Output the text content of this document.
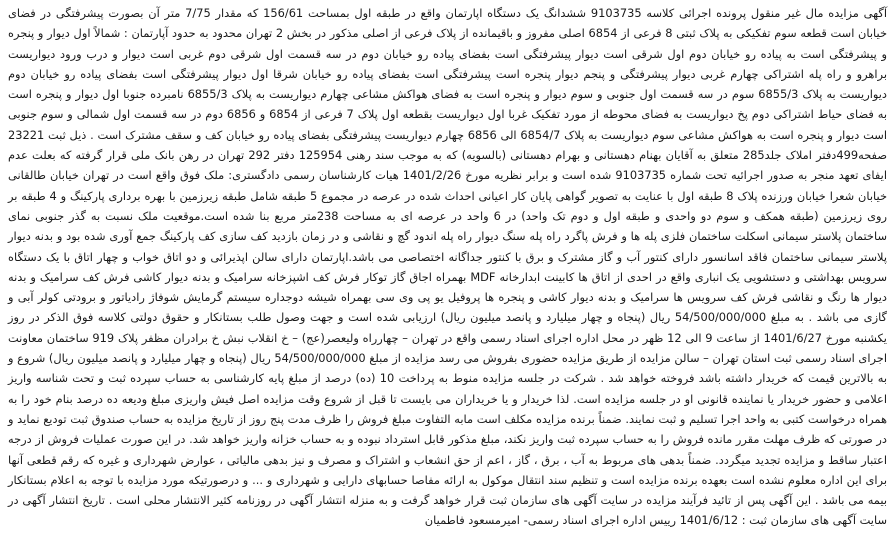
آگهی مزایده مال غیر منقول پرونده اجرائی کلاسه 9103735 ششدانگ یک دستگاه اپارتمان واقع در طبقه اول بمساحت 156/61 که مقدار 7/75 متر آن بصورت پیشرفتگی در فضای خیابان است قطعه سوم تفکیکی به پلاک ثبتی 8 فرعی از 6854 اصلی مفروز و باقیمانده از پلاک فرعی از اصلی مذکور در بخش 2 تهران محدود به حدود آپارتمان : شمالاً اول دیوار و پنجره و پیشرفتگی است به پیاده رو خیابان دوم اول شرقی است دیوار پیشرفتگی است بفضای پیاده رو خیابان دوم در سه قسمت اول شرقی دوم غربی است دیوار و درب ورود دیواریست براهرو و راه پله اشتراکی چهارم غربی دیوار پیشرفتگی و پنجم دیوار پنجره است پیشرفتگی است بفضای پیاده رو خیابان شرقا اول دیوار پیشرفتگی است بفضای پیاده رو خیابان دوم دیواریست به پلاک 6855/3 سوم در سه قسمت اول جنوبی و سوم دیوار و پنجره است به فضای هواکش مشاعی چهارم دیواریست به پلاک 6855/3 نامبرده جنوبا اول دیوار و پنجره است به فضای حیاط اشتراکی دوم پخ دیواریست به فضای محوطه از مورد تفکیک غربا اول دیواریست بقطعه اول پلاک 7 فرعی از 6854 و 6856 دوم در سه قسمت اول شمالی و سوم جنوبی است دیوار و پنجره است به هواکش مشاعی سوم دیواریست به پلاک 6854/7 الی 6856 چهارم دیواریست پیشرفتگی بفضای پیاده رو خیابان کف و سقف مشترک است . ذیل ثبت 23221 صفحه499دفتر املاک جلد285 متعلق به آقایان بهنام دهستانی و بهرام دهستانی (بالسویه) که به موجب سند رهنی 125954 دفتر 292 تهران در رهن بانک ملی قرار گرفته که بعلت عدم ایفای تعهد منجر به صدور اجرائیه تحت شماره 9103735 شده است و برابر نظریه مورخ 1401/2/26 هیات کارشناسان رسمی دادگستری: ملک فوق واقع است در تهران خیابان طالقانی خیابان شعرا خیابان ورزنده پلاک 8 طبقه اول با عنایت به تصویر گواهی پایان کار اعیانی احداث شده در عرصه در مجموع 5 طبقه شامل طبقه زیرزمین با بهره برداری پارکینگ و 4 طبقه بر روی زیرزمین (طبقه همکف و سوم دو واحدی و طبقه اول و دوم تک واحد) در 6 واحد در عرصه ای به مساحت 238متر مربع بنا شده است.موقعیت ملک نسبت به گذر جنوبی نمای ساختمان پلاستر سیمانی اسکلت ساختمان فلزی پله ها و فرش پاگرد راه پله سنگ دیوار راه پله اندود گچ و نقاشی و در زمان بازدید کف سازی کف پارکینگ جمع آوری شده بود و بدنه دیوار پلاستر سیمانی ساختمان فاقد اسانسور دارای کنتور آب و گاز مشترک و برق با کنتور جداگانه اختصاصی می باشد.اپارتمان دارای سالن اپذیرائی و دو اتاق خواب و چهار اتاق با یک دستگاه سرویس بهداشتی و دستشویی یک انباری واقع در احدی از اتاق ها کابینت ابدارخانه MDF بهمراه اجاق گاز توکار فرش کف اشپزخانه سرامیک و بدنه دیوار کاشی فرش کف سرامیک و بدنه دیوار ها رنگ و نقاشی فرش کف سرویس ها سرامیک و بدنه دیوار کاشی و پنجره ها پروفیل یو پی وی سی بهمراه شیشه دوجداره سیستم گرمایش شوفاژ رادیاتور و برودتی کولر آبی و گازی می باشد . به مبلغ 54/500/000/000 ریال (پنجاه و چهار میلیارد و پانصد میلیون ریال) ارزیابی شده است و جهت وصول طلب بستانکار و حقوق دولتی کلاسه فوق الذکر در روز یکشنبه مورخ 1401/6/27 از ساعت 9 الی 12 ظهر در محل اداره اجرای اسناد رسمی واقع در تهران – چهارراه ولیعصر(عج) – خ انقلاب نبش خ برادران مظفر پلاک 919 ساختمان معاونت اجرای اسناد رسمی ثبت استان تهران – سالن مزایده از طریق مزایده حضوری بفروش می رسد مزایده از مبلغ 54/500/000/000 ریال (پنجاه و چهار میلیارد و پانصد میلیون ریال) شروع و به بالاترین قیمت که خریدار داشته باشد فروخته خواهد شد . شرکت در جلسه مزایده منوط به پرداخت 10 (ده) درصد از مبلغ پایه کارشناسی به حساب سپرده ثبت و تحت شناسه واریز اعلامی و حضور خریدار یا نماینده قانونی او در جلسه مزایده است. لذا خریدار و یا خریداران می بایست تا قبل از شروع وقت مزایده اصل فیش واریزی مبلغ ودیعه ده درصد بنام خود را به همراه درخواست کتبی به واحد اجرا تسلیم و ثبت نمایند. ضمناً برنده مزایده مکلف است مابه التفاوت مبلغ فروش را ظرف مدت پنج روز از تاریخ مزایده به حساب صندوق ثبت تودیع نماید و در صورتی که ظرف مهلت مقرر مانده فروش را به حساب سپرده ثبت واریز نکند، مبلغ مذکور قابل استرداد نبوده و به حساب خزانه واریز خواهد شد. در این صورت عملیات فروش از درجه اعتبار ساقط و مزایده تجدید میگردد. ضمناً بدهی های مربوط به آب ، برق ، گاز ، اعم از حق انشعاب و اشتراک و مصرف و نیز بدهی مالیاتی ، عوارض شهرداری و غیره که رقم قطعی آنها برای این اداره معلوم نشده است بعهده برنده مزایده است و تنظیم سند انتقال موکول به ارائه مفاصا حسابهای دارایی و شهرداری و ... و درصورتیکه مورد مزایده با توجه به اعلام بستانکار بیمه می باشد . این آگهی پس از تائید فرآیند مزایده در سایت آگهی های سازمان ثبت قرار خواهد گرفت و به منزله انتشار آگهی در روزنامه کثیر الانتشار محلی است . تاریخ انتشار آگهی در سایت آگهی های سازمان ثبت : 1401/6/12 رییس اداره اجرای اسناد رسمی- امیرمسعود فاطمیان
